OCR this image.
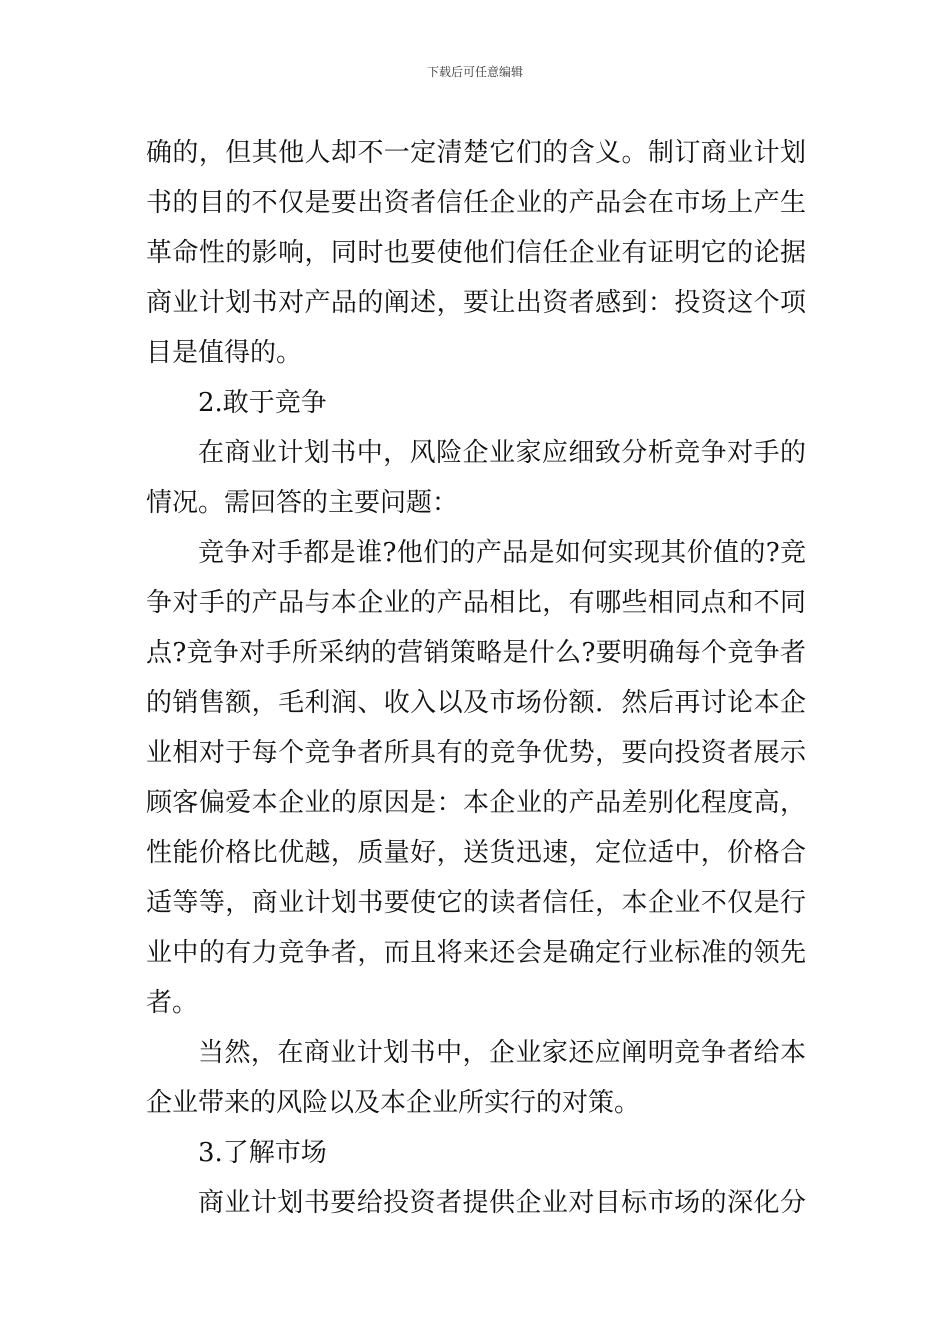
下载后可任意编辑
确的，但其他人却不一定清楚它们的含义。制订商业计划
书的目的不仅是要出资者信任企业的产品会在市场上产生
革命性的影响，同时也要使他们信任企业有证明它的论据
商业计划书对产品的阐述，要让出资者感到：投资这个项
目是值得的。
2.敢于竞争
在商业计划书中，风险企业家应细致分析竞争对手的
情况。需回答的主要问题：
竞争对手都是谁?他们的产品是如何实现其价值的?竞
争对手的产品与本企业的产品相比，有哪些相同点和不同
点?竞争对手所采纳的营销策略是什么?要明确每个竞争者
的销售额，毛利润、收入以及市场份额．然后再讨论本企
业相对于每个竞争者所具有的竞争优势，要向投资者展示
顾客偏爱本企业的原因是：本企业的产品差别化程度高，
性能价格比优越，质量好，送货迅速，定位适中，价格合
适等等，商业计划书要使它的读者信任，本企业不仅是行
业中的有力竞争者，而且将来还会是确定行业标准的领先
者。
当然，在商业计划书中，企业家还应阐明竞争者给本
企业带来的风险以及本企业所实行的对策。
3.了解市场
商业计划书要给投资者提供企业对目标市场的深化分
